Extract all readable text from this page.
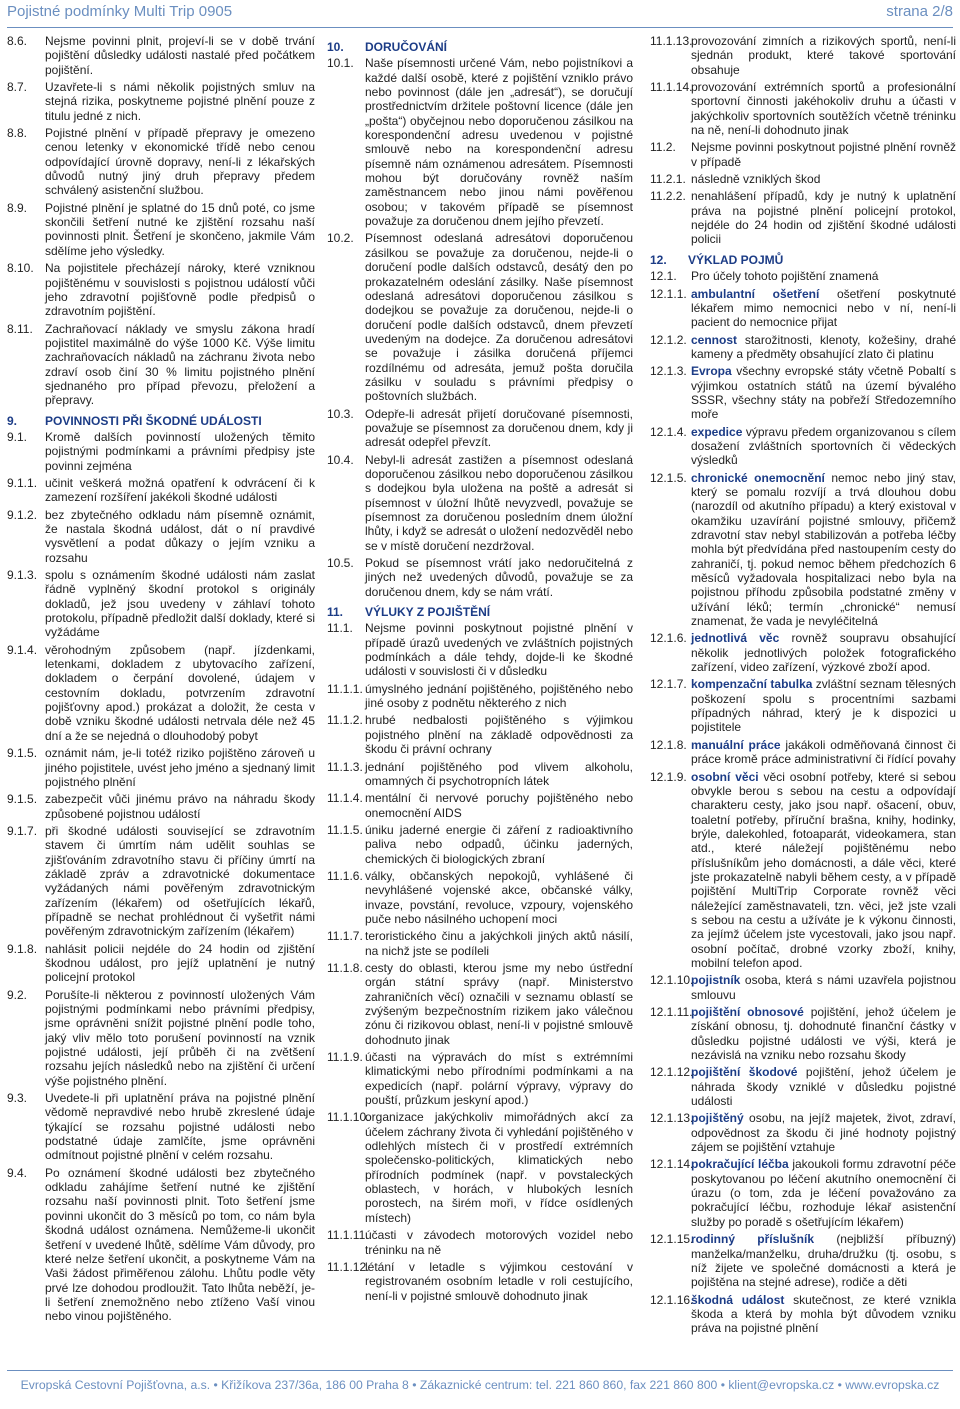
Pojistné podmínky Multi Trip 0905	strana 2/8
8.6.	Nejsme povinni plnit, projeví-li se v době trvání pojištění důsledky události nastalé před počátkem pojištění.
8.7.	Uzavřete-li s námi několik pojistných smluv na stejná rizika, poskytneme pojistné plnění pouze z titulu jedné z nich.
8.8.	Pojistné plnění v případě přepravy je omezeno cenou letenky v ekonomické třídě nebo cenou odpovídající úrovně dopravy, není-li z lékařských důvodů nutný jiný druh přepravy předem schválený asistenční službou.
8.9.	Pojistné plnění je splatné do 15 dnů poté, co jsme skončili šetření nutné ke zjištění rozsahu naší povinnosti plnit. Šetření je skončeno, jakmile Vám sdělíme jeho výsledky.
8.10. Na pojistitele přecházejí nároky, které vzniknou pojištěnému v souvislosti s pojistnou událostí vůči jeho zdravotní pojišťovně podle předpisů o zdravotním pojištění.
8.11.	Zachraňovací náklady ve smyslu zákona hradí pojistitel maximálně do výše 1000 Kč. Výše limitu zachraňovacích nákladů na záchranu života nebo zdraví osob činí 30 % limitu pojistného plnění sjednaného pro případ převozu, přeložení a přepravy.
9.	POVINNOSTI PŘI ŠKODNÉ UDÁLOSTI
9.1.	Kromě dalších povinností uložených těmito pojistnými podmínkami a právními předpisy jste povinni zejména
9.1.1. učinit veškerá možná opatření k odvrácení či k zamezení rozšíření jakékoli škodné události
9.1.2. bez zbytečného odkladu nám písemně oznámit, že nastala škodná událost, dát o ní pravdivé vysvětlení a podat důkazy o jejím vzniku a rozsahu
9.1.3. spolu s oznámením škodné události nám zaslat řádně vyplněný škodní protokol s originály dokladů, jež jsou uvedeny v záhlaví tohoto protokolu, případně předložit další doklady, které si vyžádáme
9.1.4. věrohodným způsobem (např. jízdenkami, letenkami, dokladem z ubytovacího zařízení, dokladem o čerpání dovolené, údajem v cestovním dokladu, potvrzením zdravotní pojišťovny apod.) prokázat a doložit, že cesta v době vzniku škodné události netrvala déle než 45 dní a že se nejedná o dlouhodobý pobyt
9.1.5. oznámit nám, je-li totéž riziko pojištěno zároveň u jiného pojistitele, uvést jeho jméno a sjednaný limit pojistného plnění
9.1.5. zabezpečit vůči jinému právo na náhradu škody způsobené pojistnou událostí
9.1.7. při škodné události související se zdravotním stavem či úmrtím nám udělit souhlas se zjišťováním zdravotního stavu či příčiny úmrtí na základě zpráv a zdravotnické dokumentace vyžádaných námi pověřeným zdravotnickým zařízením (lékařem) od ošetřujících lékařů, případně se nechat prohlédnout či vyšetřit námi pověřeným zdravotnickým zařízením (lékařem)
9.1.8. nahlásit policii nejdéle do 24 hodin od zjištění škodnou událost, pro jejíž uplatnění je nutný policejní protokol
9.2.	Porušíte-li některou z povinností uložených Vám pojistnými podmínkami nebo právními předpisy, jsme oprávněni snížit pojistné plnění podle toho, jaký vliv mělo toto porušení povinností na vznik pojistné události, její průběh či na zvětšení rozsahu jejích následků nebo na zjištění či určení výše pojistného plnění.
9.3.	Uvedete-li při uplatnění práva na pojistné plnění vědomě nepravdivé nebo hrubě zkreslené údaje týkající se rozsahu pojistné události nebo podstatné údaje zamlčíte, jsme oprávněni odmítnout pojistné plnění v celém rozsahu.
9.4.	Po oznámení škodné události bez zbytečného odkladu zahájíme šetření nutné ke zjištění rozsahu naší povinnosti plnit. Toto šetření jsme povinni ukončit do 3 měsíců po tom, co nám byla škodná událost oznámena. Nemůžeme-li ukončit šetření v uvedené lhůtě, sdělíme Vám důvody, pro které nelze šetření ukončit, a poskytneme Vám na Vaši žádost přiměřenou zálohu. Lhůtu podle věty prvé lze dohodou prodloužit. Tato lhůta neběží, je-li šetření znemožněno nebo ztíženo Vaší vinou nebo vinou pojištěného.
10.	DORUČOVÁNÍ
10.1. Naše písemnosti určené Vám, nebo pojistníkovi a každé další osobě, které z pojištění vzniklo právo nebo povinnost (dále jen „adresát“), se doručují prostřednictvím držitele poštovní licence (dále jen „pošta“) obyčejnou nebo doporučenou zásilkou na korespondenční adresu uvedenou v pojistné smlouvě nebo na korespondenční adresu písemně nám oznámenou adresátem. Písemnosti mohou být doručovány rovněž naším zaměstnancem nebo jinou námi pověřenou osobou; v takovém případě se písemnost považuje za doručenou dnem jejího převzetí.
10.2. Písemnost odeslaná adresátovi doporučenou zásilkou se považuje za doručenou, nejde-li o doručení podle dalších odstavců, desátý den po prokazatelném odeslání zásilky. Naše písemnost odeslaná adresátovi doporučenou zásilkou s dodejkou se považuje za doručenou, nejde-li o doručení podle dalších odstavců, dnem převzetí uvedeným na dodejce. Za doručenou adresátovi se považuje i zásilka doručená příjemci rozdílnému od adresáta, jemuž pošta doručila zásilku v souladu s právními předpisy o poštovních službách.
10.3. Odepře-li adresát přijetí doručované písemnosti, považuje se písemnost za doručenou dnem, kdy ji adresát odepřel převzít.
10.4. Nebyl-li adresát zastižen a písemnost odeslaná doporučenou zásilkou nebo doporučenou zásilkou s dodejkou byla uložena na poště a adresát si písemnost v úložní lhůtě nevyzvedl, považuje se písemnost za doručenou posledním dnem úložní lhůty, i když se adresát o uložení nedozvěděl nebo se v místě doručení nezdržoval.
10.5. Pokud se písemnost vrátí jako nedoručitelná z jiných než uvedených důvodů, považuje se za doručenou dnem, kdy se nám vrátí.
11.	VÝLUKY Z POJIŠTĚNÍ
11.1.	Nejsme povinni poskytnout pojistné plnění v případě úrazů uvedených ve zvláštních pojistných podmínkách a dále tehdy, dojde-li ke škodné události v souvislosti či v důsledku
11.1.1. úmyslného jednání pojištěného, pojištěného nebo jiné osoby z podnětu některého z nich
11.1.2. hrubé nedbalosti pojištěného s výjimkou pojistného plnění na základě odpovědnosti za škodu či právní ochrany
11.1.3. jednání pojištěného pod vlivem alkoholu, omamných či psychotropních látek
11.1.4. mentální či nervové poruchy pojištěného nebo onemocnění AIDS
11.1.5. úniku jaderné energie či záření z radioaktivního paliva nebo odpadů, účinku jaderných, chemických či biologických zbraní
11.1.6. války, občanských nepokojů, vyhlášené či nevyhlášené vojenské akce, občanské války, invaze, povstání, revoluce, vzpoury, vojenského puče nebo násilného uchopení moci
11.1.7. teroristického činu a jakýchkoli jiných aktů násilí, na nichž jste se podíleli
11.1.8. cesty do oblasti, kterou jsme my nebo ústřední orgán státní správy (např. Ministerstvo zahraničních věcí) označili v seznamu oblastí se zvýšeným bezpečnostním rizikem jako válečnou zónu či rizikovou oblast, není-li v pojistné smlouvě dohodnuto jinak
11.1.9. účasti na výpravách do míst s extrémními klimatickými nebo přírodními podmínkami a na expedicích (např. polární výpravy, výpravy do pouští, průzkum jeskyní apod.)
11.1.10.
organizace jakýchkoliv mimořádných akcí za účelem záchrany života či vyhledání pojištěného v odlehlých místech či v prostředí extrémních společensko-politických, klimatických nebo přírodních podmínek (např. v povstaleckých oblastech, v horách, v hlubokých lesních porostech, na širém moři, v řídce osídlených místech)
11.1.11.
účasti v závodech motorových vozidel nebo tréninku na ně
11.1.12.
létání v letadle s výjimkou cestování v registrovaném osobním letadle v roli cestujícího, není-li v pojistné smlouvě dohodnuto jinak
11.1.13.
provozování zimních a rizikových sportů, není-li sjednán produkt, které takové sportování obsahuje
11.1.14.
provozování extrémních sportů a profesionální sportovní činnosti jakéhokoliv druhu a účasti v jakýchkoliv sportovních soutěžích včetně tréninku na ně, není-li dohodnuto jinak
11.2.	Nejsme povinni poskytnout pojistné plnění rovněž v případě
11.2.1. následně vzniklých škod
11.2.2. nenahlášení případů, kdy je nutný k uplatnění práva na pojistné plnění policejní protokol, nejdéle do 24 hodin od zjištění škodné události policii
12.	VÝKLAD POJMŮ
12.1.	Pro účely tohoto pojištění znamená
12.1.1. ambulantní ošetření ošetření poskytnuté lékařem mimo nemocnici nebo v ní, není-li pacient do nemocnice přijat
12.1.2. cennost starožitnosti, klenoty, kožešiny, drahé kameny a předměty obsahující zlato či platinu
12.1.3. Evropa všechny evropské státy včetně Pobaltí s výjimkou ostatních států na území bývalého SSSR, všechny státy na pobřeží Středozemního moře
12.1.4. expedice výpravu předem organizovanou s cílem dosažení zvláštních sportovních či vědeckých výsledků
12.1.5. chronické onemocnění nemoc nebo jiný stav, který se pomalu rozvíjí a trvá dlouhou dobu (narozdíl od akutního případu) a který existoval v okamžiku uzavírání pojistné smlouvy, přičemž zdravotní stav nebyl stabilizován a potřeba léčby mohla být předvídána před nastoupením cesty do zahraničí, tj. pokud nemoc během předchozích 6 měsíců vyžadovala hospitalizaci nebo byla na pojistnou příhodu způsobila podstatné změny v užívání léků; termín „chronické“ nemusí znamenat, že vada je nevyléčitelná
12.1.6. jednotlivá věc rovněž soupravu obsahující několik jednotlivých položek fotografického zařízení, video zařízení, výzkové zboží apod.
12.1.7. kompenzační tabulka zvláštní seznam tělesných poškození spolu s procentními sazbami případných náhrad, který je k dispozici u pojistitele
12.1.8. manuální práce jakákoli odměňovaná činnost či práce kromě práce administrativní či řídící povahy
12.1.9. osobní věci věci osobní potřeby, které si sebou obvykle berou s sebou na cestu a odpovídají charakteru cesty, jako jsou např. ošacení, obuv, toaletní potřeby, příruční brašna, knihy, hodinky, brýle, dalekohled, fotoaparát, videokamera, stan atd., které náležejí pojištěnému nebo příslušníkům jeho domácnosti, a dále věci, které jste prokazatelně nabyli během cesty, a v případě pojištění MultiTrip Corporate rovněž věci náležející zaměstnavateli, tzn. věci, jež jste vzali s sebou na cestu a užíváte je k výkonu činnosti, za jejímž účelem jste vycestovali, jako jsou např. osobní počítač, drobné vzorky zboží, knihy, mobilní telefon apod.
12.1.10.
pojistník osoba, která s námi uzavřela pojistnou smlouvu
12.1.11.
pojištění obnosové pojištění, jehož účelem je získání obnosu, tj. dohodnuté finanční částky v důsledku pojistné události ve výši, která je nezávislá na vzniku nebo rozsahu škody
12.1.12.
pojištění škodové pojištění, jehož účelem je náhrada škody vzniklé v důsledku pojistné události
12.1.13.
pojištěný osobu, na jejíž majetek, život, zdraví, odpovědnost za škodu či jiné hodnoty pojistný zájem se pojištění vztahuje
12.1.14.
pokračující léčba jakoukoli formu zdravotní péče poskytovanou po léčení akutního onemocnění či úrazu (o tom, zda je léčení považováno za pokračující léčbu, rozhoduje lékař asistenční služby po poradě s ošetřujícím lékařem)
12.1.15.
rodinný příslušník (nejbližší příbuzný) manželka/manželku, druha/družku (tj. osobu, s níž žijete ve společné domácnosti a která je pojištěna na stejné adrese), rodiče a děti
12.1.16.
škodná událost skutečnost, ze které vznikla škoda a která by mohla být důvodem vzniku práva na pojistné plnění
Evropská Cestovní Pojišťovna, a.s. • Křižíkova 237/36a, 186 00 Praha 8 • Zákaznické centrum: tel. 221 860 860, fax 221 860 800 • klient@evropska.cz • www.evropska.cz
